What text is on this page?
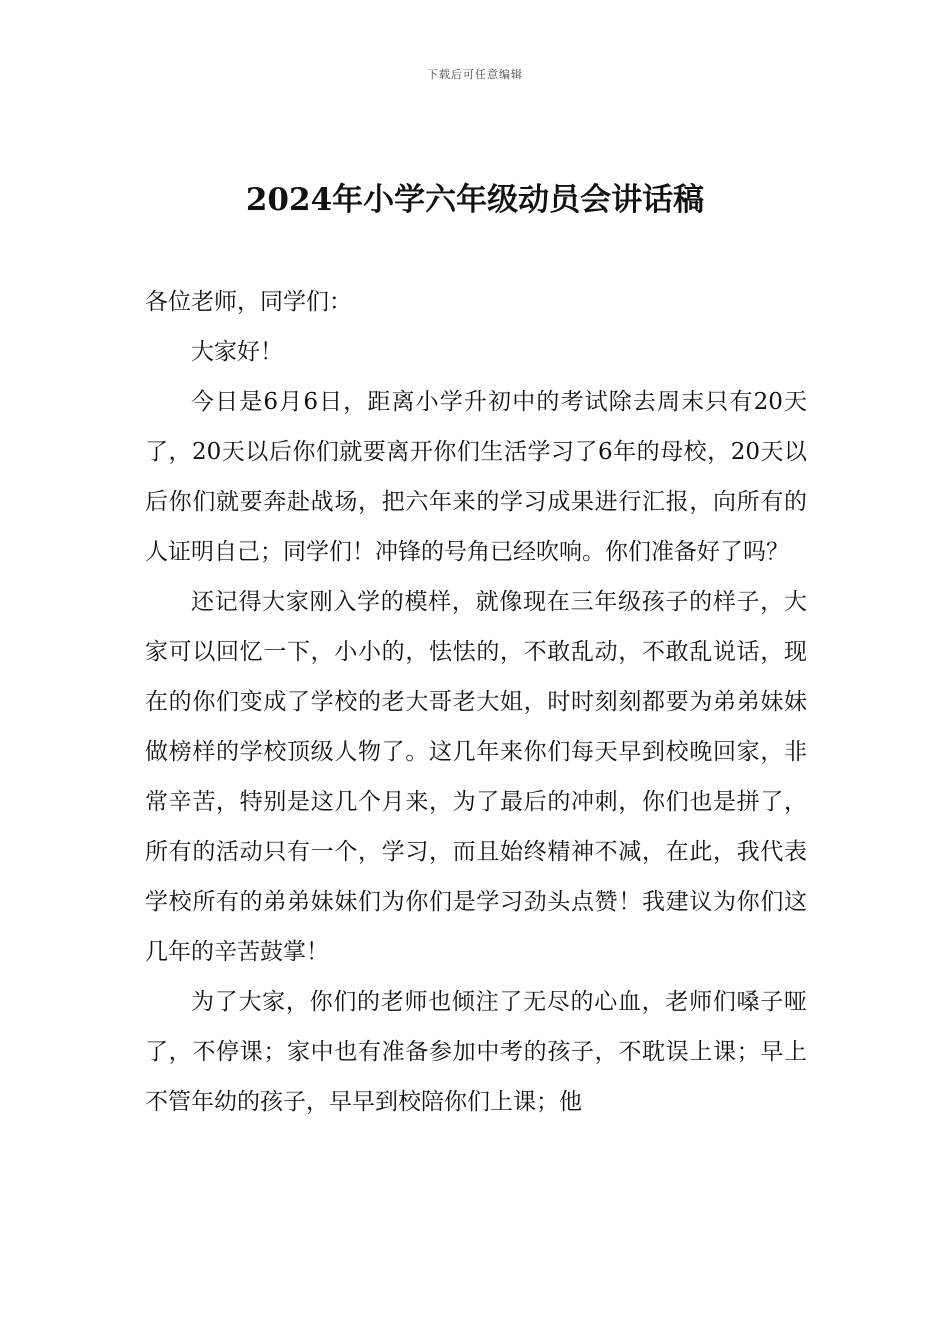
下载后可任意编辑
2024年小学六年级动员会讲话稿

各位老师，同学们：

大家好！

今日是6月6日，距离小学升初中的考试除去周末只有20天了，20天以后你们就要离开你们生活学习了6年的母校，20天以后你们就要奔赴战场，把六年来的学习成果进行汇报，向所有的人证明自己；同学们！冲锋的号角已经吹响。你们准备好了吗？

还记得大家刚入学的模样，就像现在三年级孩子的样子，大家可以回忆一下，小小的，怯怯的，不敢乱动，不敢乱说话，现在的你们变成了学校的老大哥老大姐，时时刻刻都要为弟弟妹妹做榜样的学校顶级人物了。这几年来你们每天早到校晚回家，非常辛苦，特别是这几个月来，为了最后的冲刺，你们也是拼了，所有的活动只有一个，学习，而且始终精神不减，在此，我代表学校所有的弟弟妹妹们为你们是学习劲头点赞！我建议为你们这几年的辛苦鼓掌！

为了大家，你们的老师也倾注了无尽的心血，老师们嗓子哑了，不停课；家中也有准备参加中考的孩子，不耽误上课；早上不管年幼的孩子，早早到校陪你们上课；他
